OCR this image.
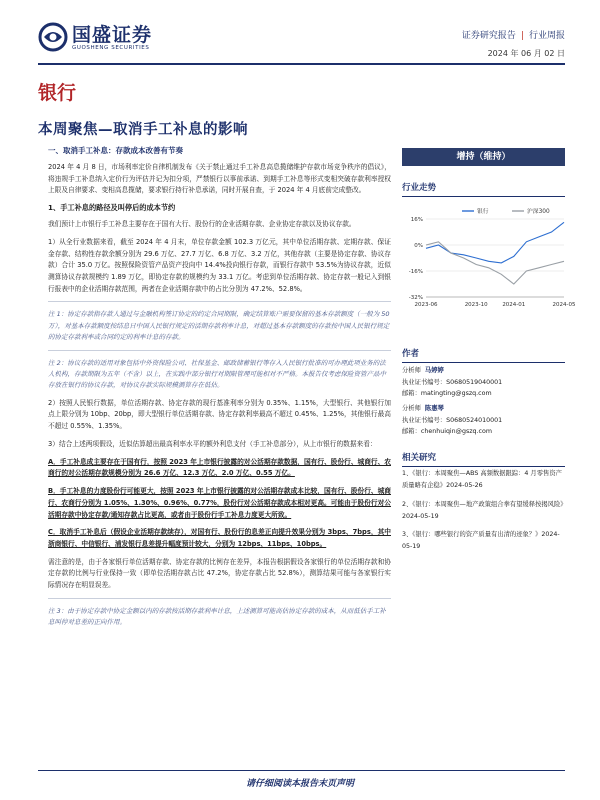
国盛证券
GUOSHENG SECURITIES
证券研究报告 | 行业周报
2024 年 06 月 02 日
银行
本周聚焦—取消手工补息的影响
一、取消手工补息：存款成本改善有节奏
2024 年 4 月 8 日，市场利率定价自律机制发布《关于禁止通过手工补息高息揽储维护存款市场竞争秩序的倡议》，将违规手工补息纳入定价行为评估并记为扣分项，严禁银行以事前承诺、到期手工补息等形式变相突破存款利率授权上限及自律要求、变相高息揽储，要求银行持行补息承诺，同时开展自查，于 2024 年 4 月底前完成整改。
1、手工补息的路径及叫停后的成本节约
我们预计上市银行手工补息主要存在于国有大行、股份行的企业活期存款、企业协定存款以及协议存款。
1）从全行业数据来看，截至 2024 年 4 月末，单位存款金额 102.3 万亿元，其中单位活期存款、定期存款、保证金存款、结构性存款余额分别为 29.6 万亿、27.7 万亿、6.8 万亿、3.2 万亿，其他存款（主要是协定存款、协议存款）合计 35.0 万亿。按照保险资管产品资产投向中 14.4%投向银行存款，而银行存款中 53.5%为协议存款，近似测算协议存款规模约 1.89 万亿，即协定存款的规模约为 33.1 万亿。考虑到单位活期存款、协定存款一般记入到银行报表中的企业活期存款范围，两者在企业活期存款中的占比分别为 47.2%、52.8%。
注 1：协定存款指存款人通过与金融机构签订协定的约定合同期限，确定结算账户需要保留的基本存款额度（一般为 50 万），对基本存款额度按结息日中国人民银行规定的活期存款利率计息，对超过基本存款额度的存款按中国人民银行规定的协定存款利率或合同约定的利率计息的存款。
注 2：协议存款的适用对象包括中外资保险公司、社保基金、邮政储蓄银行等存入人民银行批准的可办理此项业务的法人机构，存款期限为五年（不含）以上，在实践中部分银行对期限管理可能相对不严格。本报告仅考虑保险资管产品中存放在银行的协议存款，对协议存款实际规模测算存在低估。
2）按照人民银行数据，单位活期存款、协定存款的现行基准利率分别为 0.35%、1.15%，大型银行、其他银行加点上限分别为 10bp、20bp，即大型银行单位活期存款、协定存款利率最高不超过 0.45%、1.25%，其他银行最高不超过 0.55%、1.35%。
3）结合上述两项假设，近似估算超出最高利率水平的额外利息支付（手工补息部分），从上市银行的数据来看：
A．手工补息成主要存在于国有行，按照 2023 年上市银行披露的对公活期存款数据，国有行、股份行、城商行、农商行的对公活期存款规模分别为 26.6 万亿、12.3 万亿、2.0 万亿、0.55 万亿。
B．手工补息的力度股份行可能更大，按照 2023 年上市银行披露的对公活期存款成本比较，国有行、股份行、城商行、农商行分别为 1.05%、1.30%、0.96%、0.77%，股份行对公活期存款成本相对更高。可能由于股份行对公活期存款中协定存款/通知存款占比更高，或者由于股份行手工补息力度更大所致。
C．取消手工补息后（假设企业活期存款续存），对国有行、股份行的息差正向提升效果分别为 3bps、7bps，其中浙商银行、中信银行、浦发银行息差提升幅度预计较大，分别为 12bps、11bps、10bps。
需注意的是，由于各家银行单位活期存款、协定存款的比例存在差异，本报告根据假设各家银行的单位活期存款和协定存款的比例与行业保持一致（即单位活期存款占比 47.2%，协定存款占比 52.8%），测算结果可能与各家银行实际情况存在明显误差。
注 3：由于协定存款中协定金额以内的存款按活期存款利率计息，上述测算可能高估协定存款的成本，从而低估手工补息叫停对息差的正向作用。
增持（维持）
行业走势
16%
0%
-16%
-32%
2023-06	2023-10	2024-01	2024-05
银行	沪深300
作者
分析师 马婷婷
执业证书编号：S0680519040001
邮箱：matingting@gszq.com
分析师 陈惠琴
执业证书编号：S0680524010001
邮箱：chenhuiqin@gszq.com
相关研究
1、《银行：本周聚焦—ABS 高频数据跟踪：4 月零售资产质量略有企稳》2024-05-26
2、《银行：本周聚焦—地产政策组合拳有望缓释按揭风险》2024-05-19
3、《银行：哪些银行的资产质量有出清的迹象？》2024-05-19
请仔细阅读本报告末页声明
